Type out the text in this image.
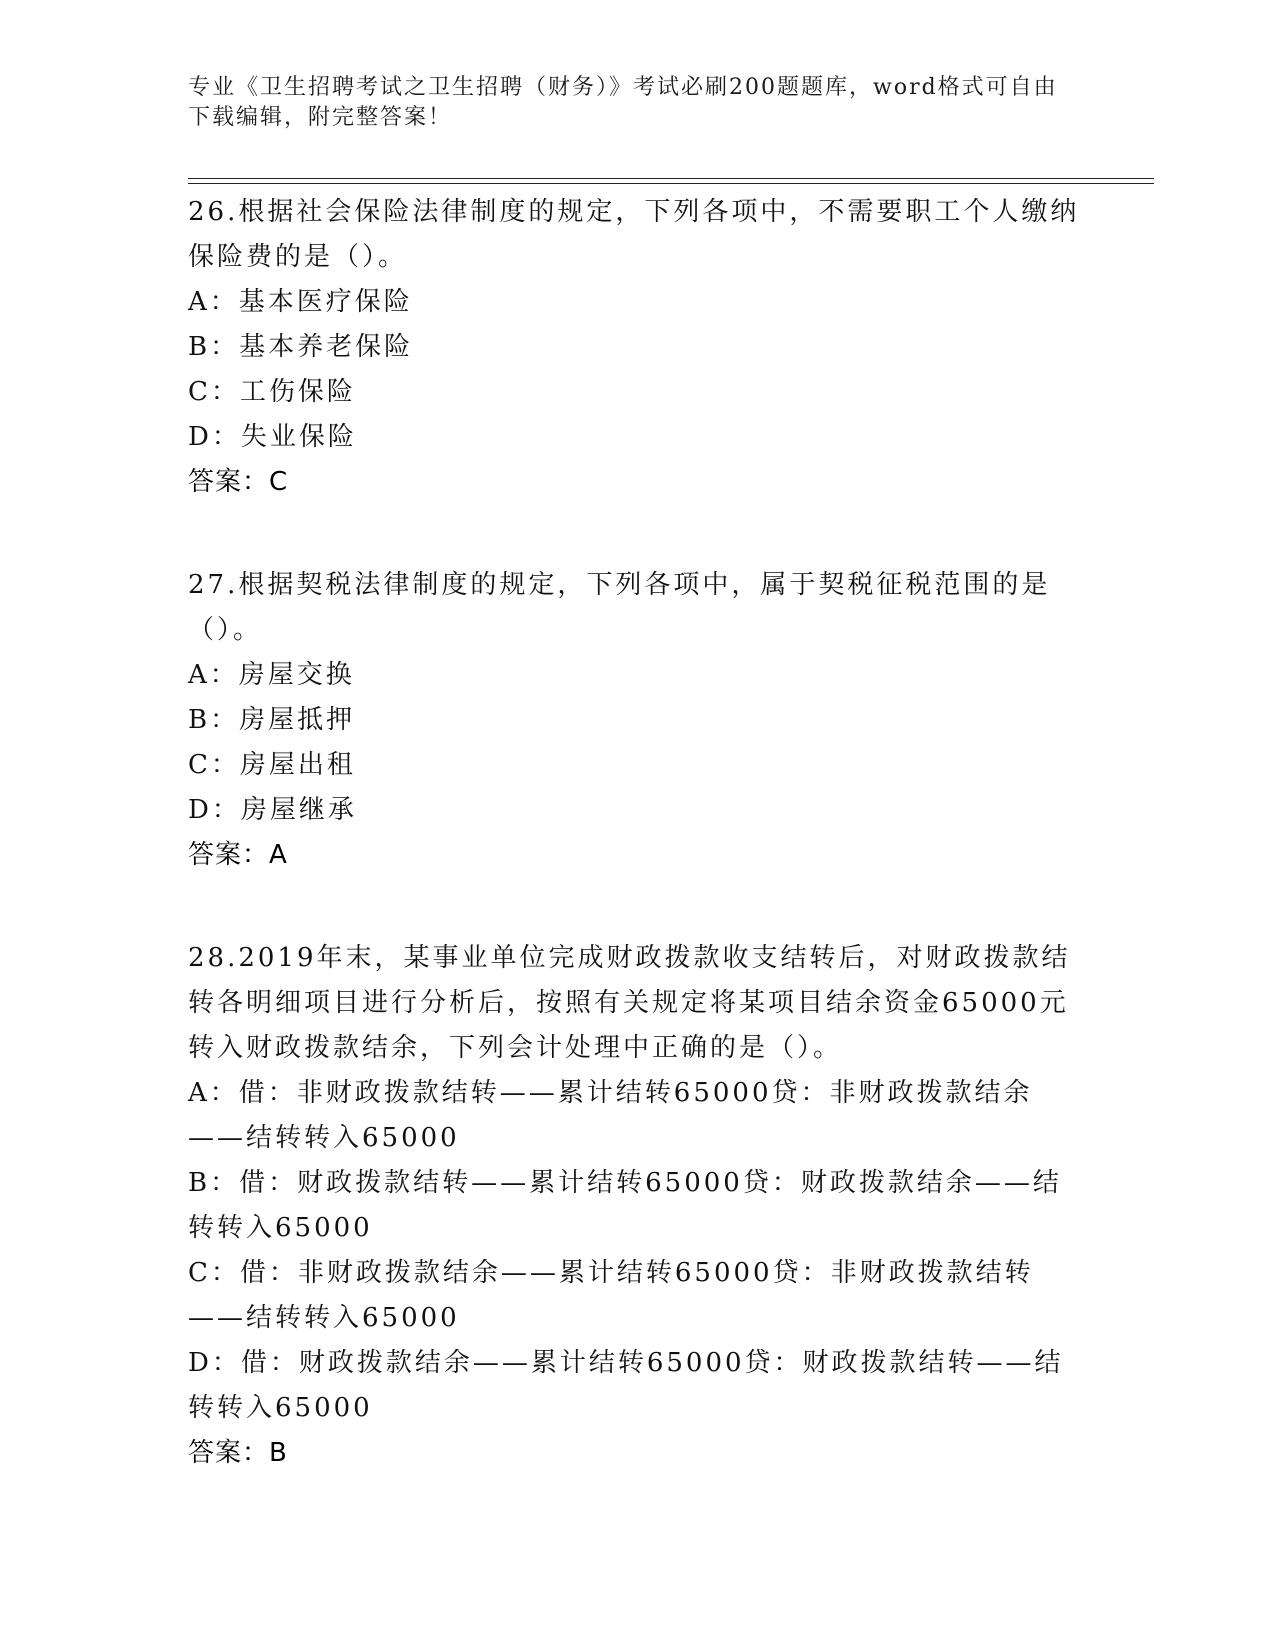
专业《卫生招聘考试之卫生招聘（财务）》考试必刷200题题库，word格式可自由下载编辑，附完整答案！

26.根据社会保险法律制度的规定，下列各项中，不需要职工个人缴纳保险费的是（）。

A：基本医疗保险

B：基本养老保险

C：工伤保险

D：失业保险

答案：C

27.根据契税法律制度的规定，下列各项中，属于契税征税范围的是（）。

A：房屋交换

B：房屋抵押

C：房屋出租

D：房屋继承

答案：A

28.2019年末，某事业单位完成财政拨款收支结转后，对财政拨款结转各明细项目进行分析后，按照有关规定将某项目结余资金65000元转入财政拨款结余，下列会计处理中正确的是（）。

A：借：非财政拨款结转——累计结转65000贷：非财政拨款结余——结转转入65000

B：借：财政拨款结转——累计结转65000贷：财政拨款结余——结转转入65000

C：借：非财政拨款结余——累计结转65000贷：非财政拨款结转——结转转入65000

D：借：财政拨款结余——累计结转65000贷：财政拨款结转——结转转入65000

答案：B
